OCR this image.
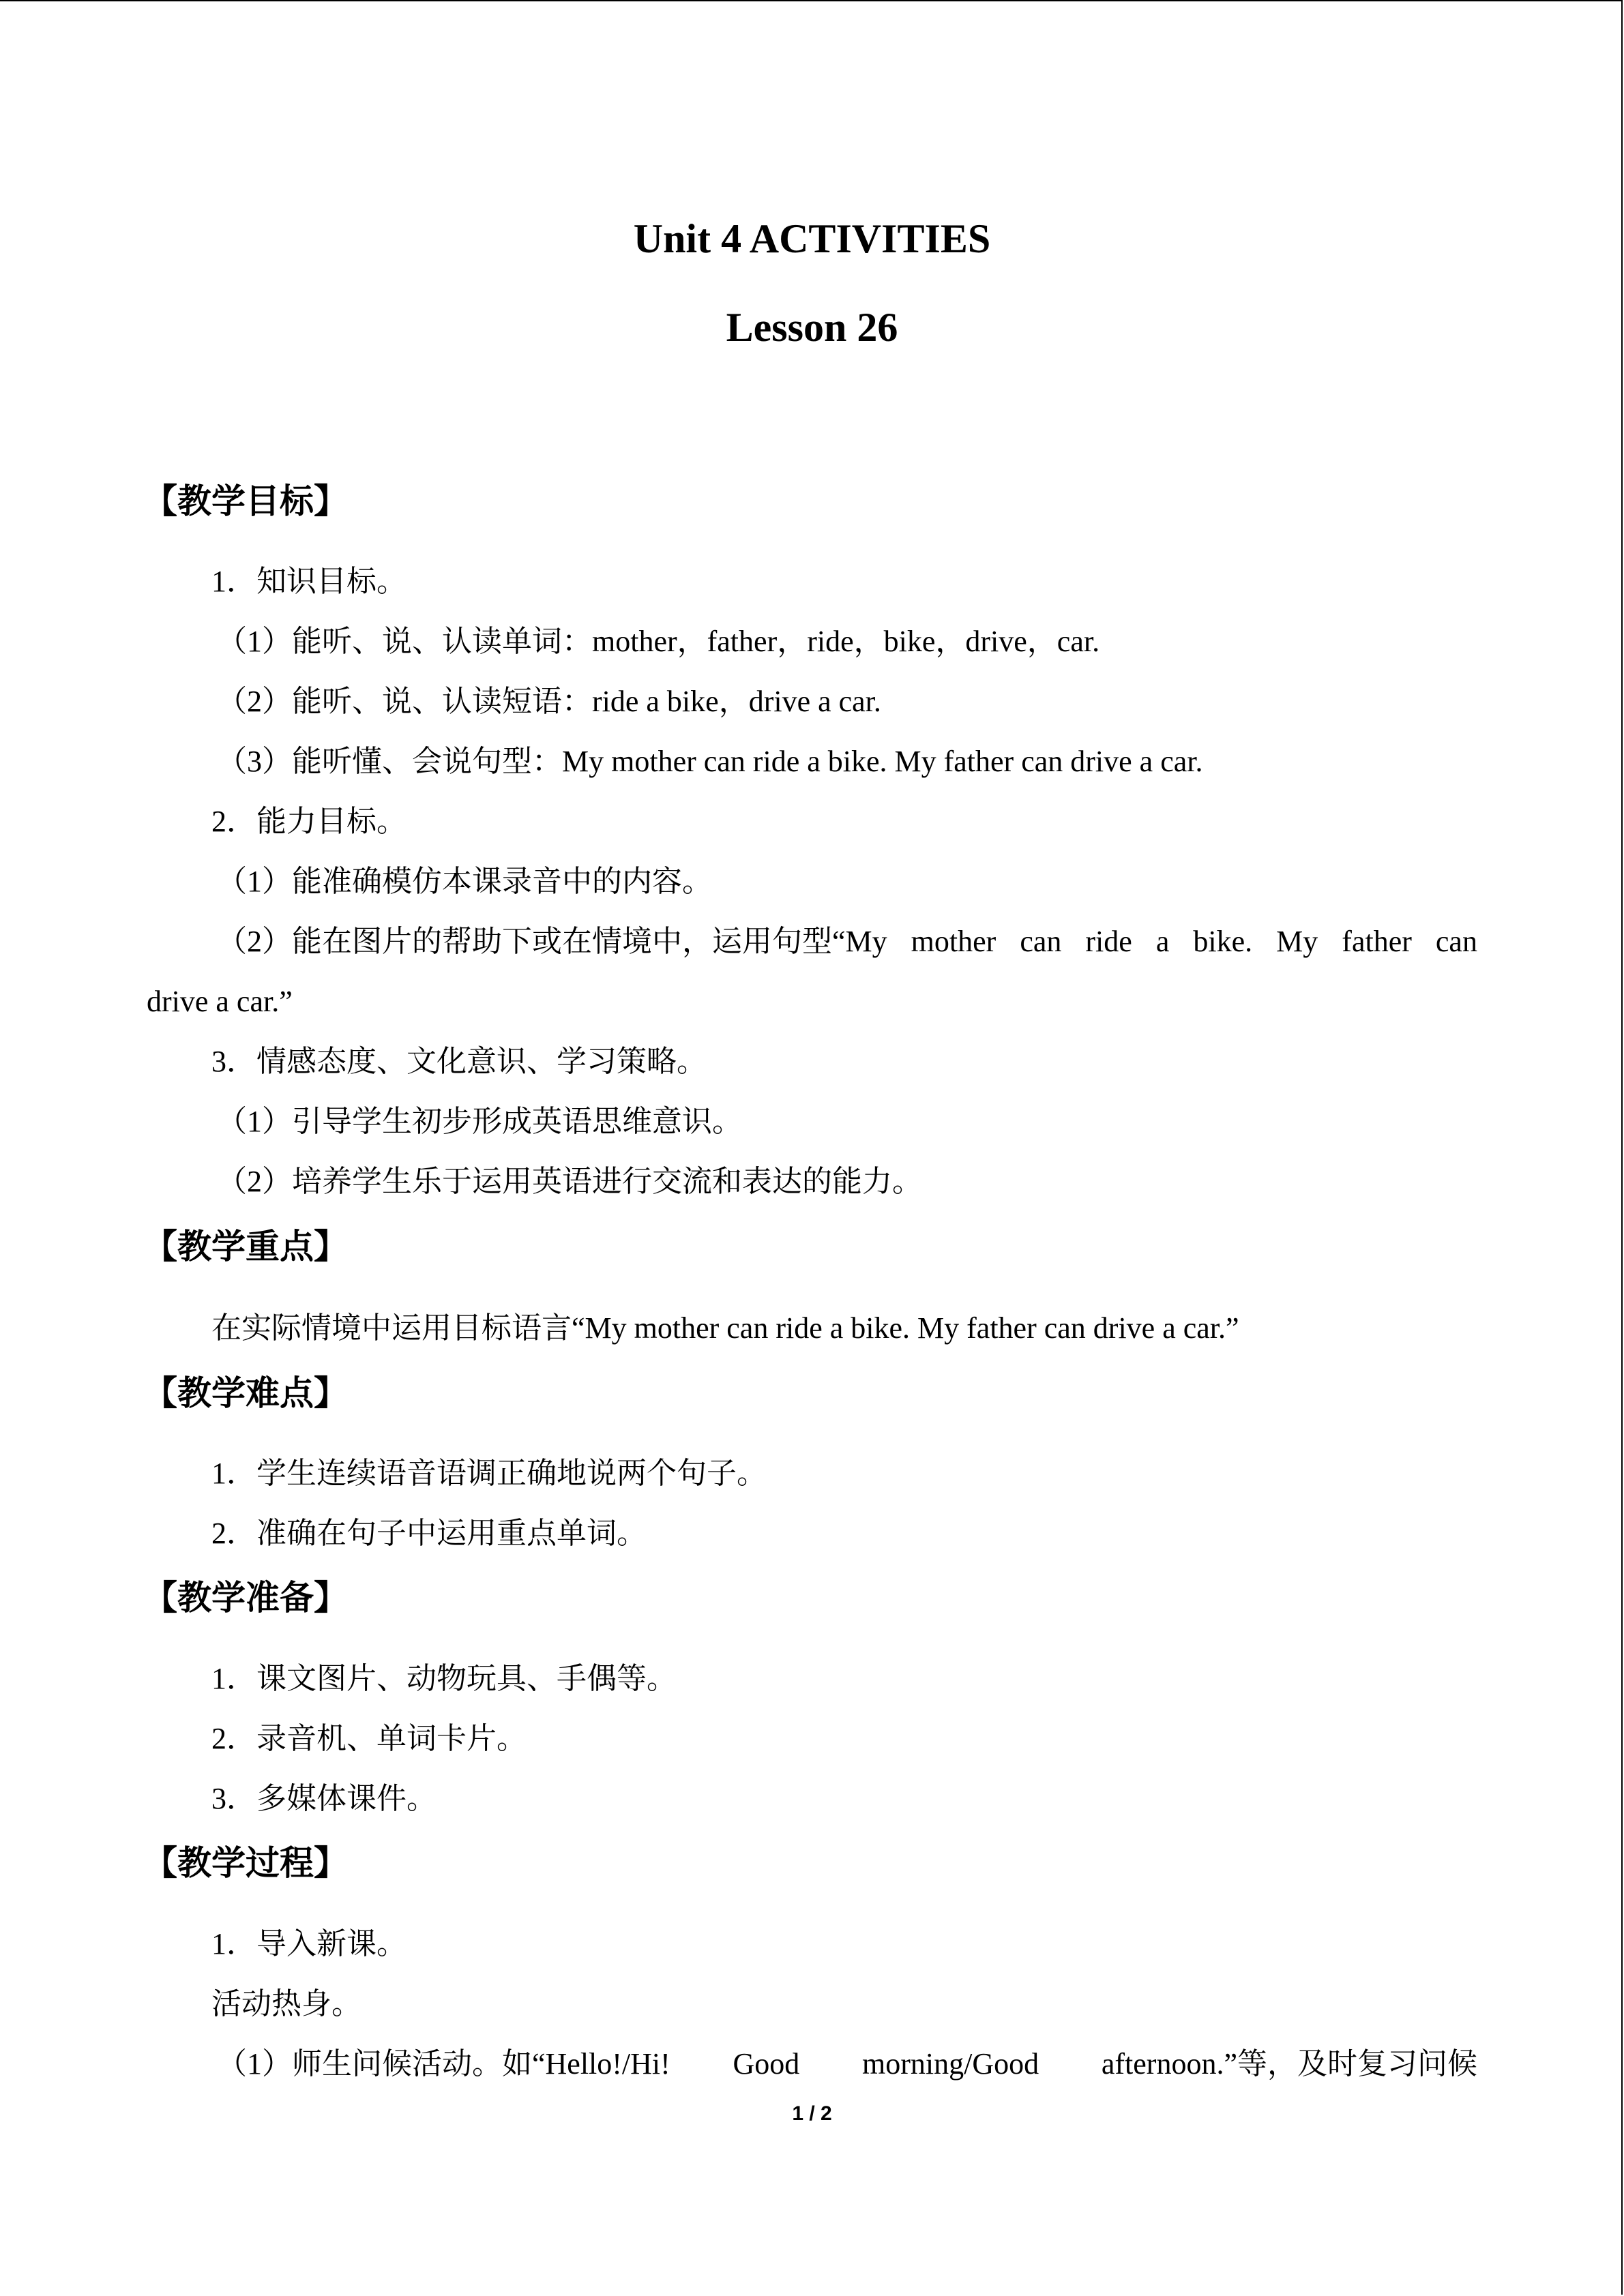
Unit 4 ACTIVITIES
Lesson 26
【教学目标】
1．知识目标。
（1）能听、说、认读单词：mother，father，ride，bike，drive，car.
（2）能听、说、认读短语：ride a bike，drive a car.
（3）能听懂、会说句型：My mother can ride a bike. My father can drive a car.
2．能力目标。
（1）能准确模仿本课录音中的内容。
（2）能在图片的帮助下或在情境中，运用句型“My mother can ride a bike. My father can
drive a car.”
3．情感态度、文化意识、学习策略。
（1）引导学生初步形成英语思维意识。
（2）培养学生乐于运用英语进行交流和表达的能力。
【教学重点】
在实际情境中运用目标语言“My mother can ride a bike. My father can drive a car.”
【教学难点】
1．学生连续语音语调正确地说两个句子。
2．准确在句子中运用重点单词。
【教学准备】
1．课文图片、动物玩具、手偶等。
2．录音机、单词卡片。
3．多媒体课件。
【教学过程】
1．导入新课。
活动热身。
（1）师生问候活动。如“Hello!/Hi! Good morning/Good afternoon.”等，及时复习问候
1 / 2
